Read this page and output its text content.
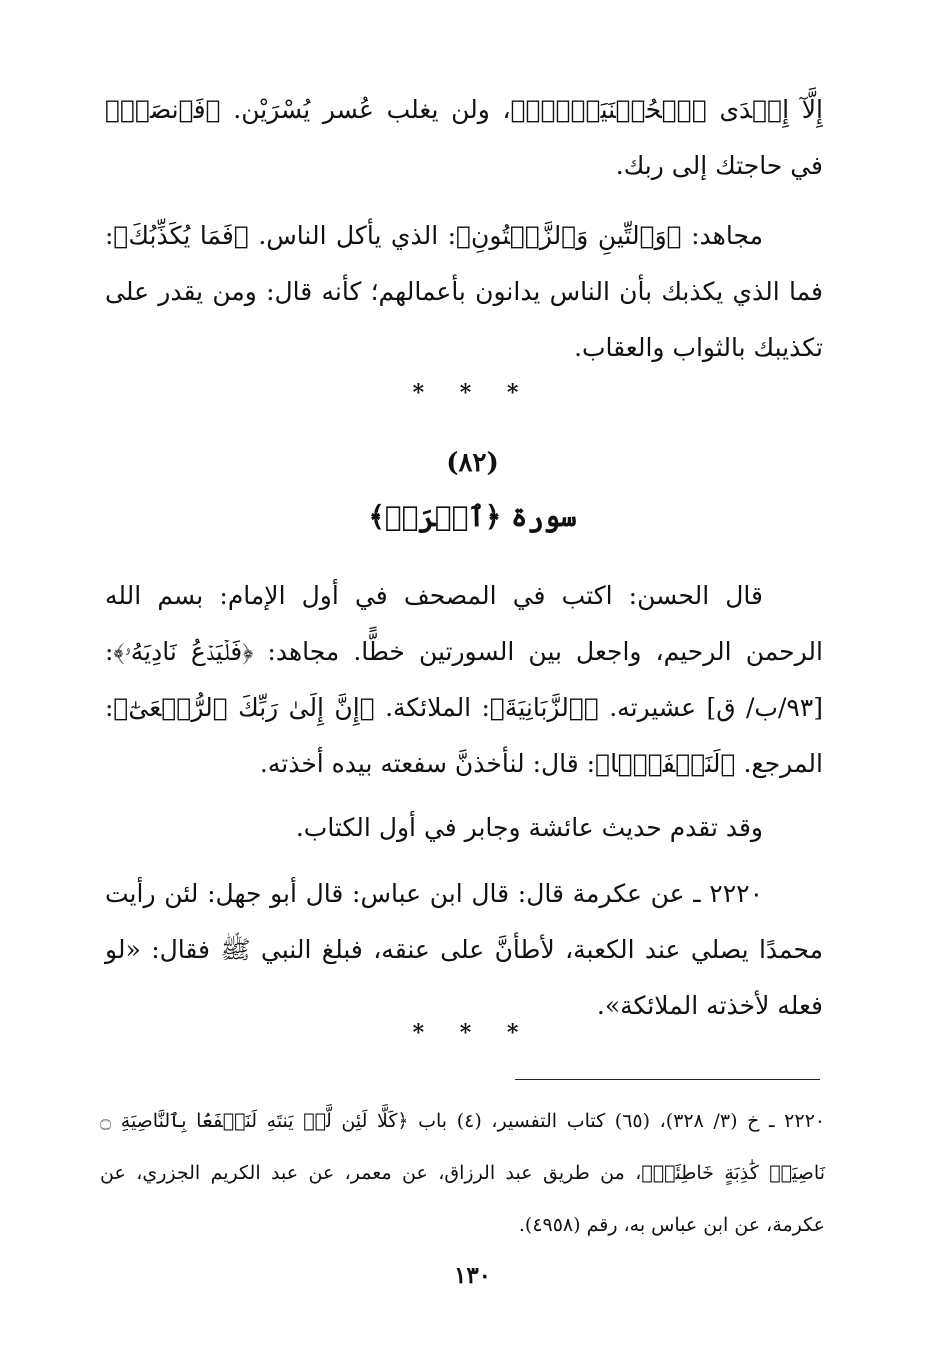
إِلَّآ إِحۡدَى ٱلۡحُسۡنَيَيۡنِۖ﴾، ولن يغلب عُسر يُسْرَيْن. ﴿فَٱنصَبۡ﴾ في حاجتك إلى ربك.

مجاهد: ﴿وَٱلتِّينِ وَٱلزَّيۡتُونِ﴾: الذي يأكل الناس. ﴿فَمَا يُكَذِّبُكَ﴾: فما الذي يكذبك بأن الناس يدانون بأعمالهم؛ كأنه قال: ومن يقدر على تكذيبك بالثواب والعقاب.

* * *
(٨٢)
سورة ﴿ٱقۡرَأۡ﴾

قال الحسن: اكتب في المصحف في أول الإمام: بسم الله الرحمن الرحيم، واجعل بين السورتين خطًّا. مجاهد: ﴿فَلۡيَدۡعُ نَادِيَهُۥ﴾: [٩٣/ب/ ق] عشيرته. ﴿ٱلزَّبَانِيَةَ﴾: الملائكة. ﴿إِنَّ إِلَىٰ رَبِّكَ ٱلرُّجۡعَىٰٓ﴾: المرجع. ﴿لَنَسۡفَعَۢا﴾: قال: لنأخذنَّ سفعته بيده أخذته.

وقد تقدم حديث عائشة وجابر في أول الكتاب.

٢٢٢٠ ـ عن عكرمة قال: قال ابن عباس: قال أبو جهل: لئن رأيت محمدًا يصلي عند الكعبة، لأطأنَّ على عنقه، فبلغ النبي ﷺ فقال: «لو فعله لأخذته الملائكة».

* * *

٢٢٢٠ ـ خ (٣/ ٣٢٨)، (٦٥) كتاب التفسير، (٤) باب ﴿كَلَّا لَئِن لَّمۡ يَنتَهِ لَنَسۡفَعَۢا بِٱلنَّاصِيَةِ ۝ نَاصِيَةٖ كَٰذِبَةٍ خَاطِئَةٖ﴾، من طريق عبد الرزاق، عن معمر، عن عبد الكريم الجزري، عن عكرمة، عن ابن عباس به، رقم (٤٩٥٨).

١٣٠
